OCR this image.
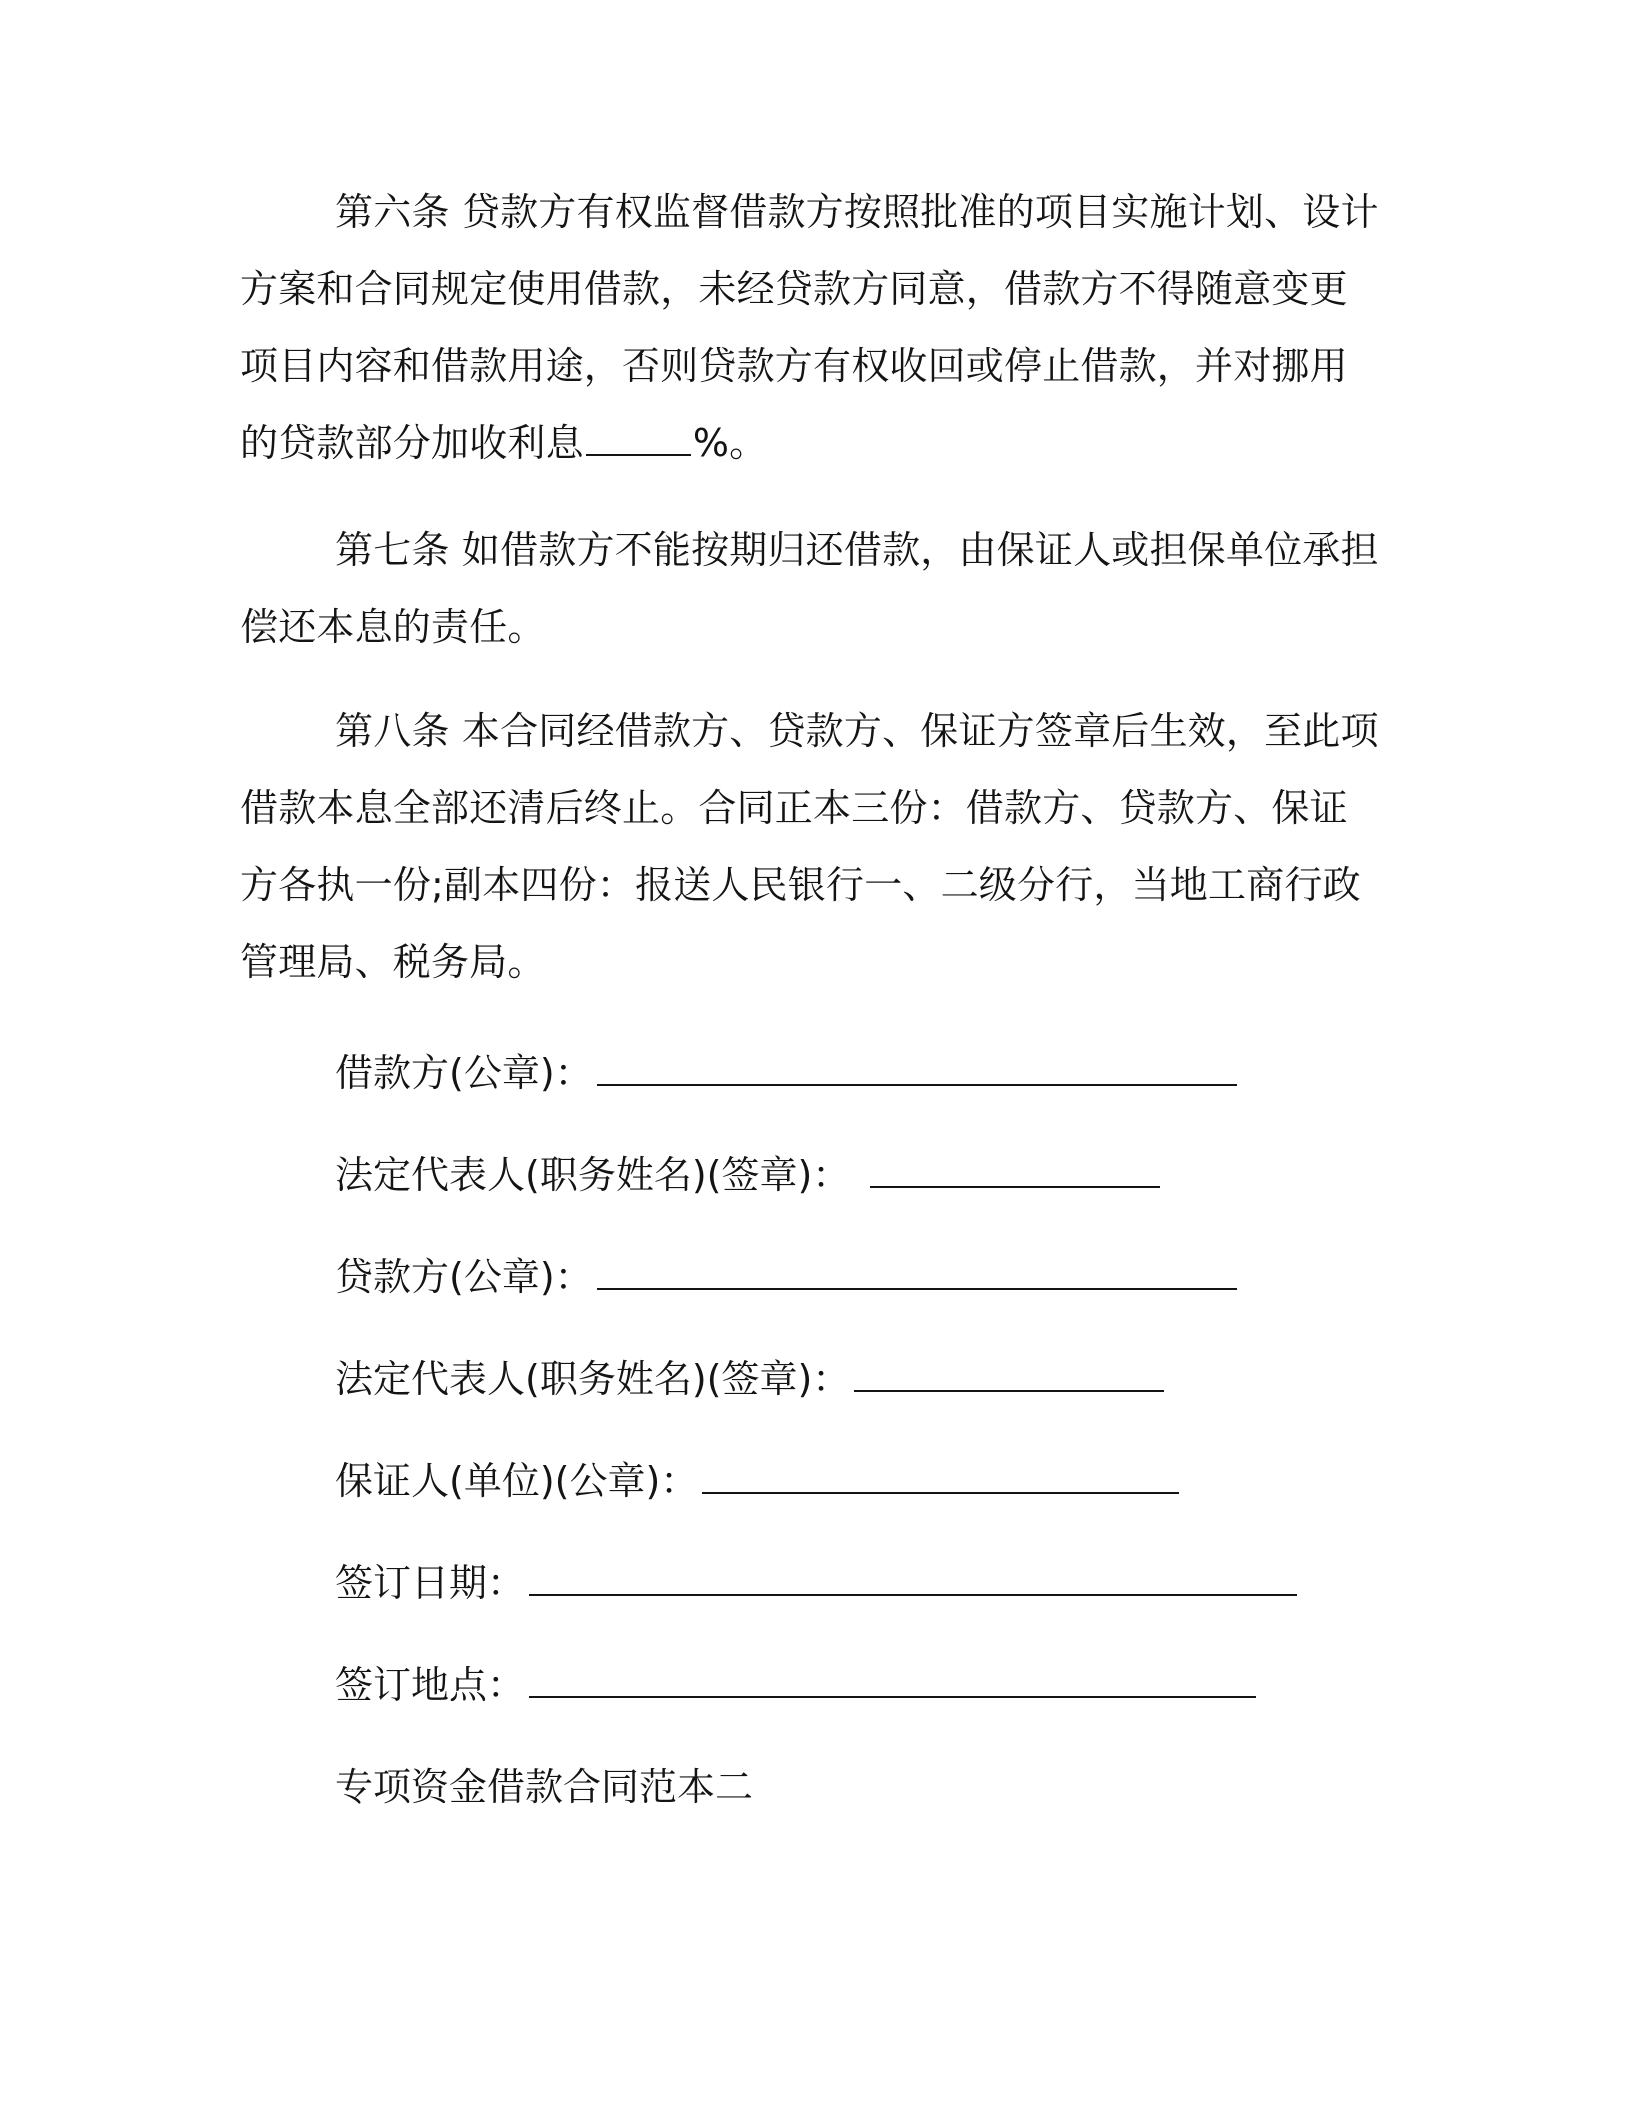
第六条 贷款方有权监督借款方按照批准的项目实施计划、设计方案和合同规定使用借款，未经贷款方同意，借款方不得随意变更项目内容和借款用途，否则贷款方有权收回或停止借款，并对挪用的贷款部分加收利息	%。

第七条 如借款方不能按期归还借款，由保证人或担保单位承担偿还本息的责任。

第八条 本合同经借款方、贷款方、保证方签章后生效，至此项借款本息全部还清后终止。合同正本三份：借款方、贷款方、保证方各执一份;副本四份：报送人民银行一、二级分行，当地工商行政管理局、税务局。

借款方(公章)：
法定代表人(职务姓名)(签章)：
贷款方(公章)：
法定代表人(职务姓名)(签章)：
保证人(单位)(公章)：
签订日期：
签订地点：
专项资金借款合同范本二
